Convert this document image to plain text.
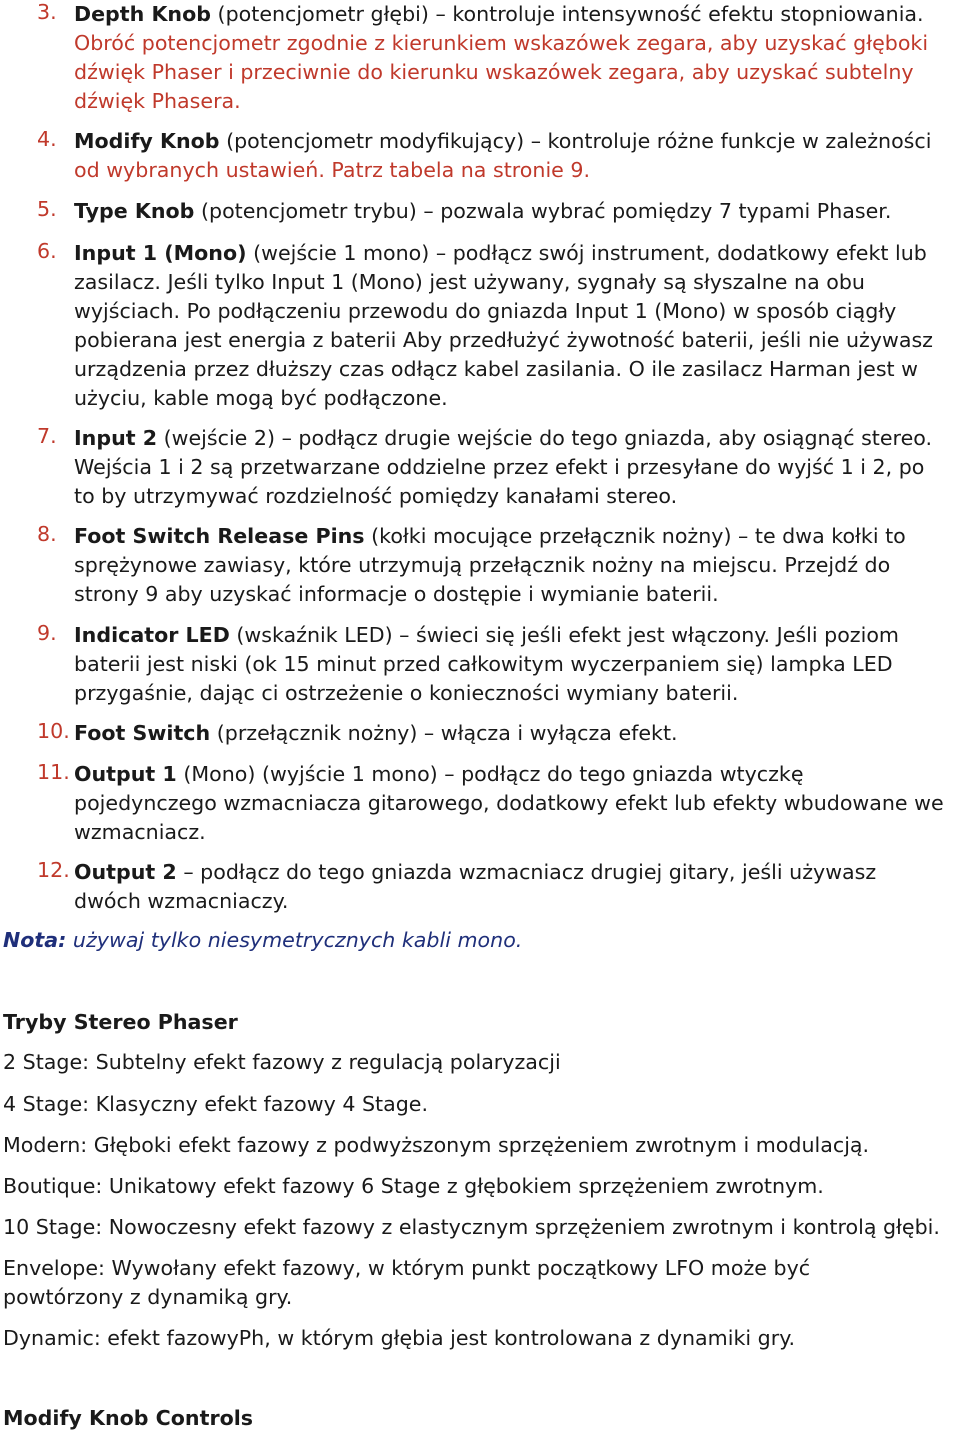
3. Depth Knob (potencjometr głębi) – kontroluje intensywność efektu stopniowania.
Obróć potencjometr zgodnie z kierunkiem wskazówek zegara, aby uzyskać głęboki
dźwięk Phaser i przeciwnie do kierunku wskazówek zegara, aby uzyskać subtelny
dźwięk Phasera.
4. Modify Knob (potencjometr modyfikujący) – kontroluje różne funkcje w zależności
od wybranych ustawień. Patrz tabela na stronie 9.
5. Type Knob (potencjometr trybu) – pozwala wybrać pomiędzy 7 typami Phaser.
6. Input 1 (Mono) (wejście 1 mono) – podłącz swój instrument, dodatkowy efekt lub
zasilacz. Jeśli tylko Input 1 (Mono) jest używany, sygnały są słyszalne na obu
wyjściach. Po podłączeniu przewodu do gniazda Input 1 (Mono) w sposób ciągły
pobierana jest energia z baterii Aby przedłużyć żywotność baterii, jeśli nie używasz
urządzenia przez dłuższy czas odłącz kabel zasilania. O ile zasilacz Harman jest w
użyciu, kable mogą być podłączone.
7. Input 2 (wejście 2) – podłącz drugie wejście do tego gniazda, aby osiągnąć stereo.
Wejścia 1 i 2 są przetwarzane oddzielne przez efekt i przesyłane do wyjść 1 i 2, po
to by utrzymywać rozdzielność pomiędzy kanałami stereo.
8. Foot Switch Release Pins (kołki mocujące przełącznik nożny) – te dwa kołki to
sprężynowe zawiasy, które utrzymują przełącznik nożny na miejscu. Przejdź do
strony 9 aby uzyskać informacje o dostępie i wymianie baterii.
9. Indicator LED (wskaźnik LED) – świeci się jeśli efekt jest włączony. Jeśli poziom
baterii jest niski (ok 15 minut przed całkowitym wyczerpaniem się) lampka LED
przygaśnie, dając ci ostrzeżenie o konieczności wymiany baterii.
10. Foot Switch (przełącznik nożny) – włącza i wyłącza efekt.
11. Output 1 (Mono) (wyjście 1 mono) – podłącz do tego gniazda wtyczkę
pojedynczego wzmacniacza gitarowego, dodatkowy efekt lub efekty wbudowane we
wzmacniacz.
12. Output 2 – podłącz do tego gniazda wzmacniacz drugiej gitary, jeśli używasz
dwóch wzmacniaczy.
Nota: używaj tylko niesymetrycznych kabli mono.
Tryby Stereo Phaser
2 Stage: Subtelny efekt fazowy z regulacją polaryzacji
4 Stage: Klasyczny efekt fazowy 4 Stage.
Modern: Głęboki efekt fazowy z podwyższonym sprzężeniem zwrotnym i modulacją.
Boutique: Unikatowy efekt fazowy 6 Stage z głębokiem sprzężeniem zwrotnym.
10 Stage: Nowoczesny efekt fazowy z elastycznym sprzężeniem zwrotnym i kontrolą głębi.
Envelope: Wywołany efekt fazowy, w którym punkt początkowy LFO może być
powtórzony z dynamiką gry.
Dynamic: efekt fazowyPh, w którym głębia jest kontrolowana z dynamiki gry.
Modify Knob Controls
